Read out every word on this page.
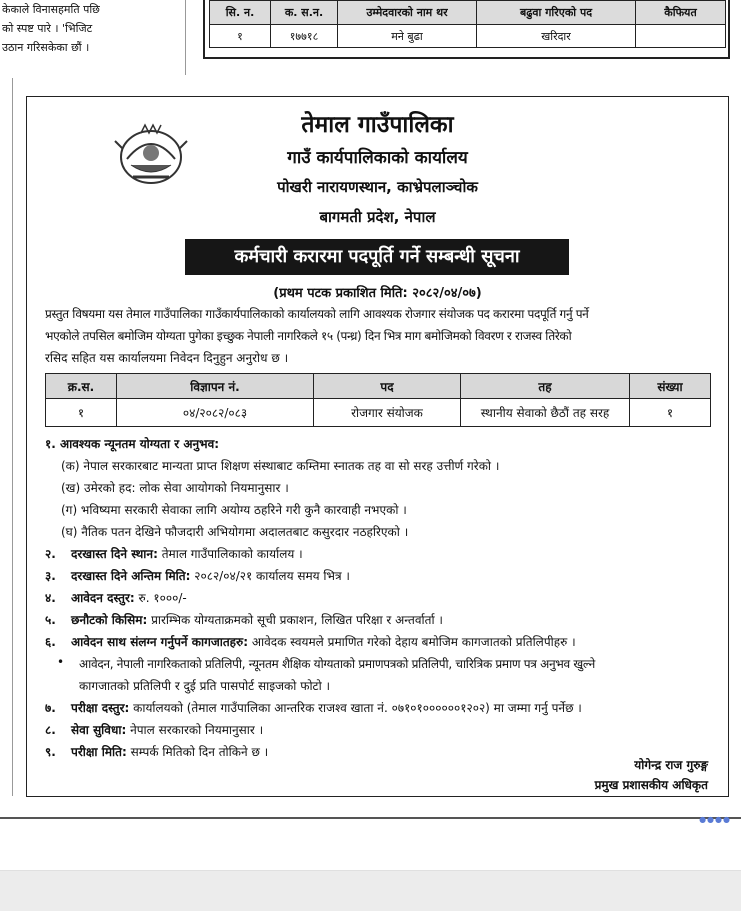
केकाले विनासहमति पछि
को स्पष्ट पारे । 'भिजिट
उठान गरिसकेका छौं ।
सि. न.	क. स.न.	उम्मेदवारको नाम थर	बढुवा गरिएको पद	कैफियत
१	१७७१८	मने बुढा	खरिदार	
तेमाल गाउँपालिका
गाउँ कार्यपालिकाको कार्यालय
पोखरी नारायणस्थान, काभ्रेपलाञ्चोक
बागमती प्रदेश, नेपाल
कर्मचारी करारमा पदपूर्ति गर्ने सम्बन्धी सूचना
(प्रथम पटक प्रकाशित मिति: २०८२/०४/०७)
प्रस्तुत विषयमा यस तेमाल गाउँपालिका गाउँकार्यपालिकाको कार्यालयको लागि आवश्यक रोजगार संयोजक पद करारमा पदपूर्ति गर्नु पर्ने
भएकोले तपसिल बमोजिम योग्यता पुगेका इच्छुक नेपाली नागरिकले १५ (पन्ध्र) दिन भित्र माग बमोजिमको विवरण र राजस्व तिरेको
रसिद सहित यस कार्यालयमा निवेदन दिनुहुन अनुरोध छ ।
क्र.स.	विज्ञापन नं.	पद	तह	संख्या
१	०४/२०८२/०८३	रोजगार संयोजक	स्थानीय सेवाको छैठौं तह सरह	१
१. आवश्यक न्यूनतम योग्यता र अनुभव:
(क) नेपाल सरकारबाट मान्यता प्राप्त शिक्षण संस्थाबाट कम्तिमा स्नातक तह वा सो सरह उत्तीर्ण गरेको ।
(ख) उमेरको हद: लोक सेवा आयोगको नियमानुसार ।
(ग) भविष्यमा सरकारी सेवाका लागि अयोग्य ठहरिने गरी कुनै कारवाही नभएको ।
(घ) नैतिक पतन देखिने फौजदारी अभियोगमा अदालतबाट कसुरदार नठहरिएको ।
२. दरखास्त दिने स्थान: तेमाल गाउँपालिकाको कार्यालय ।
३. दरखास्त दिने अन्तिम मिति: २०८२/०४/२१ कार्यालय समय भित्र ।
४. आवेदन दस्तुर: रु. १०००/-
५. छनौटको किसिम: प्रारम्भिक योग्यताक्रमको सूची प्रकाशन, लिखित परिक्षा र अन्तर्वार्ता ।
६. आवेदन साथ संलग्न गर्नुपर्ने कागजातहरु: आवेदक स्वयमले प्रमाणित गरेको देहाय बमोजिम कागजातको प्रतिलिपीहरु ।
• आवेदन, नेपाली नागरिकताको प्रतिलिपी, न्यूनतम शैक्षिक योग्यताको प्रमाणपत्रको प्रतिलिपी, चारित्रिक प्रमाण पत्र अनुभव खुल्ने
कागजातको प्रतिलिपी र दुई प्रति पासपोर्ट साइजको फोटो ।
७. परीक्षा दस्तुर: कार्यालयको (तेमाल गाउँपालिका आन्तरिक राजश्व खाता नं. ०७१०१००००००१२०२) मा जम्मा गर्नु पर्नेछ ।
८. सेवा सुविधा: नेपाल सरकारको नियमानुसार ।
९. परीक्षा मिति: सम्पर्क मितिको दिन तोकिने छ ।
योगेन्द्र राज गुरुङ्ग
प्रमुख प्रशासकीय अधिकृत
●●●●
